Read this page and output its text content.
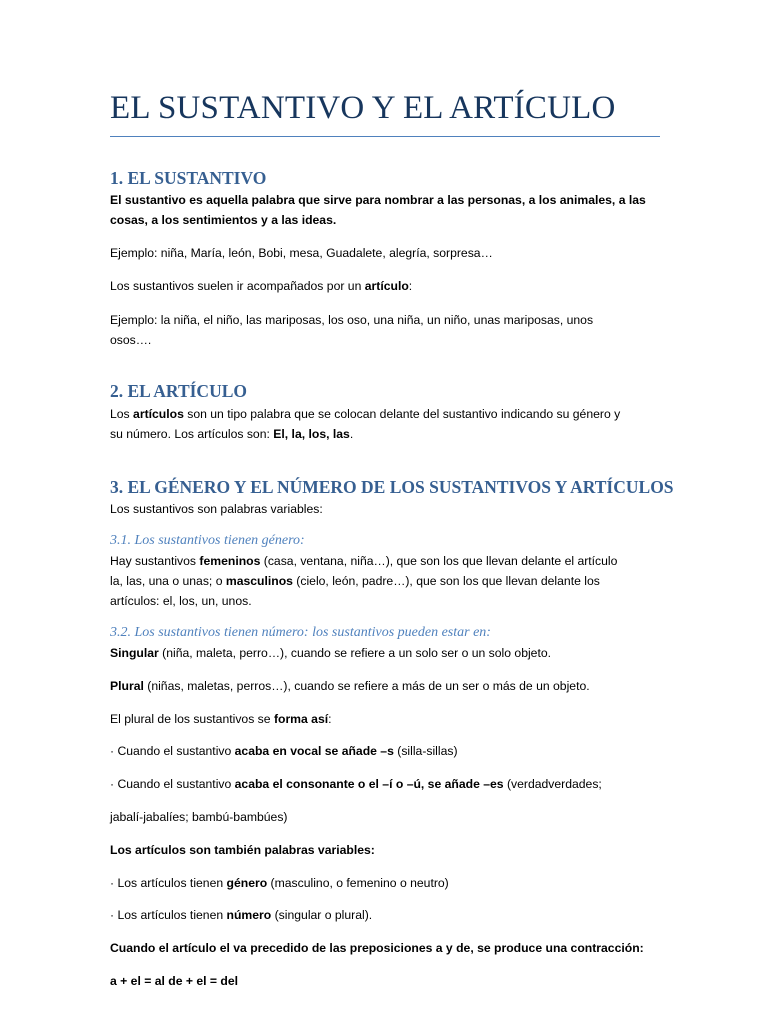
EL SUSTANTIVO Y EL ARTÍCULO
1. EL SUSTANTIVO
El sustantivo es aquella palabra que sirve para nombrar a las personas, a los animales, a las
cosas, a los sentimientos y a las ideas.
Ejemplo: niña, María, león, Bobi, mesa, Guadalete, alegría, sorpresa…
Los sustantivos suelen ir acompañados por un artículo:
Ejemplo: la niña, el niño, las mariposas, los oso, una niña, un niño, unas mariposas, unos
osos….
2. EL ARTÍCULO
Los artículos son un tipo palabra que se colocan delante del sustantivo indicando su género y
su número. Los artículos son: El, la, los, las.
3. EL GÉNERO Y EL NÚMERO DE LOS SUSTANTIVOS Y ARTÍCULOS
Los sustantivos son palabras variables:
3.1. Los sustantivos tienen género:
Hay sustantivos femeninos (casa, ventana, niña…), que son los que llevan delante el artículo
la, las, una o unas; o masculinos (cielo, león, padre…), que son los que llevan delante los
artículos: el, los, un, unos.
3.2. Los sustantivos tienen número: los sustantivos pueden estar en:
Singular (niña, maleta, perro…), cuando se refiere a un solo ser o un solo objeto.
Plural (niñas, maletas, perros…), cuando se refiere a más de un ser o más de un objeto.
El plural de los sustantivos se forma así:
· Cuando el sustantivo acaba en vocal se añade –s (silla-sillas)
· Cuando el sustantivo acaba el consonante o el –í o –ú, se añade –es (verdadverdades;
jabalí-jabalíes; bambú-bambúes)
Los artículos son también palabras variables:
· Los artículos tienen género (masculino, o femenino o neutro)
· Los artículos tienen número (singular o plural).
Cuando el artículo el va precedido de las preposiciones a y de, se produce una contracción:
a + el = al de + el = del
